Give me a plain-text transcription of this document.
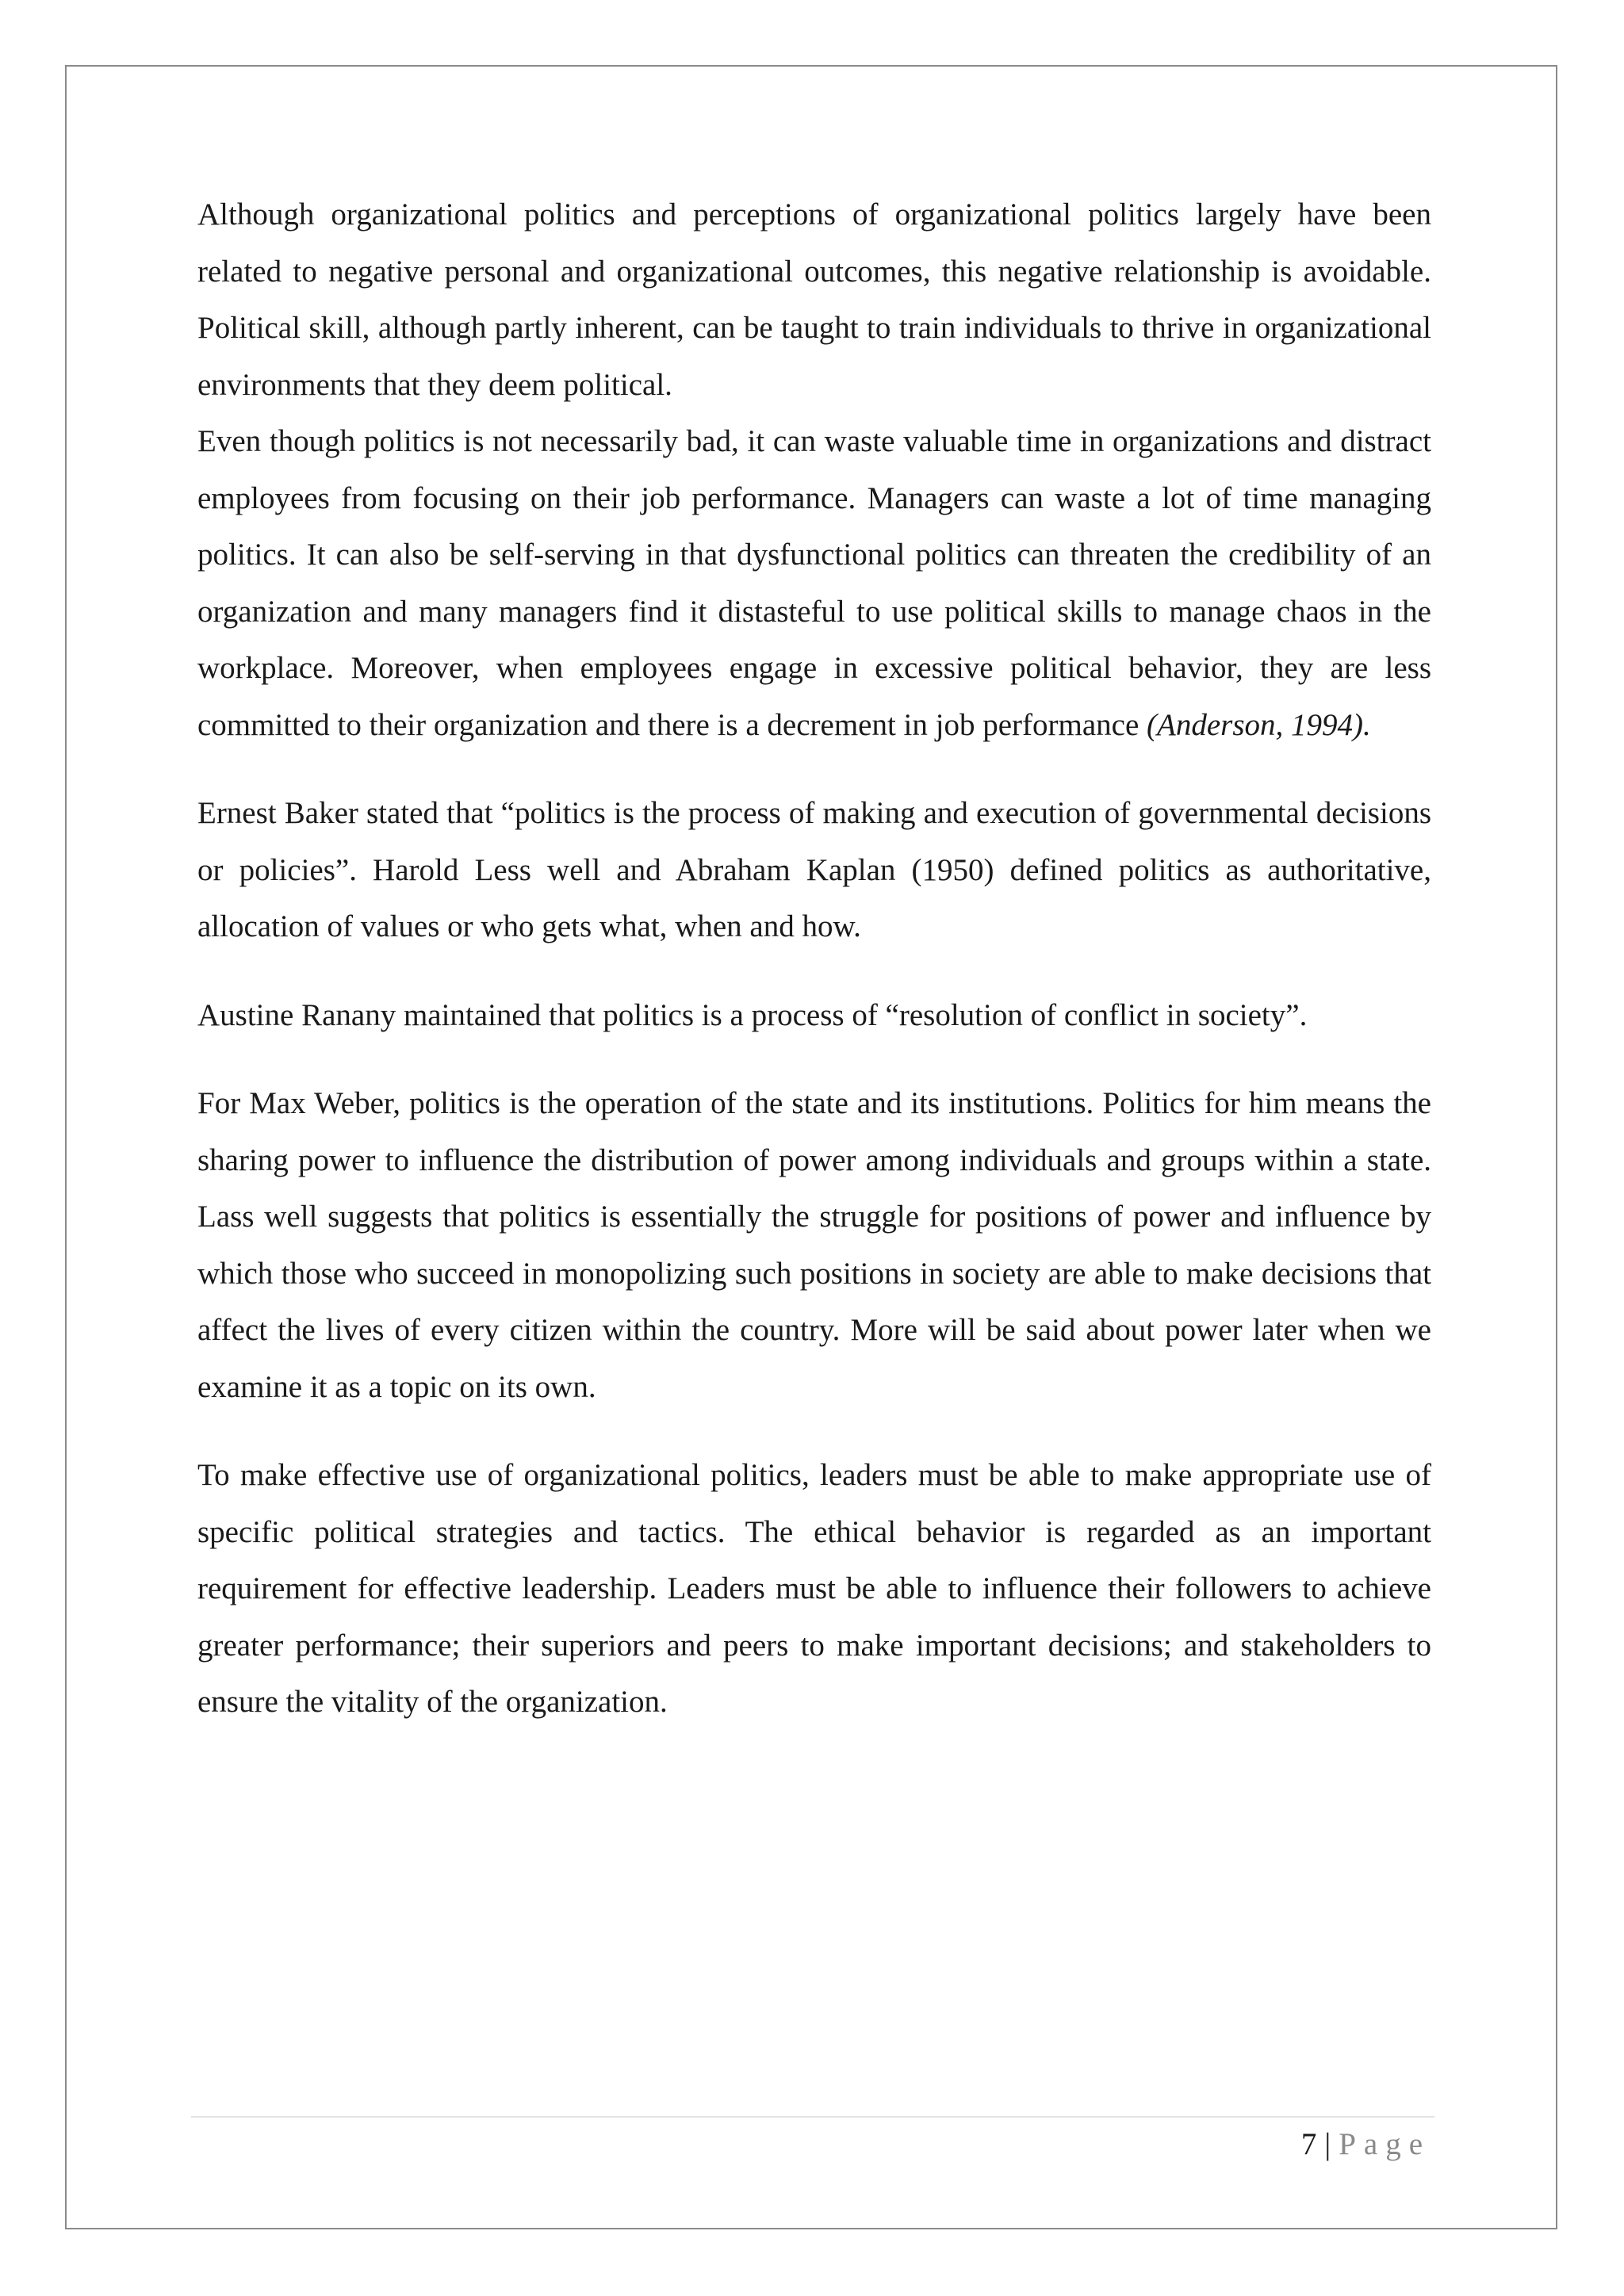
Although organizational politics and perceptions of organizational politics largely have been related to negative personal and organizational outcomes, this negative relationship is avoidable. Political skill, although partly inherent, can be taught to train individuals to thrive in organizational environments that they deem political.

Even though politics is not necessarily bad, it can waste valuable time in organizations and distract employees from focusing on their job performance. Managers can waste a lot of time managing politics. It can also be self-serving in that dysfunctional politics can threaten the credibility of an organization and many managers find it distasteful to use political skills to manage chaos in the workplace. Moreover, when employees engage in excessive political behavior, they are less committed to their organization and there is a decrement in job performance (Anderson, 1994).

Ernest Baker stated that “politics is the process of making and execution of governmental decisions or policies”. Harold Less well and Abraham Kaplan (1950) defined politics as authoritative, allocation of values or who gets what, when and how.

Austine Ranany maintained that politics is a process of “resolution of conflict in society”.

For Max Weber, politics is the operation of the state and its institutions. Politics for him means the sharing power to influence the distribution of power among individuals and groups within a state. Lass well suggests that politics is essentially the struggle for positions of power and influence by which those who succeed in monopolizing such positions in society are able to make decisions that affect the lives of every citizen within the country. More will be said about power later when we examine it as a topic on its own.

To make effective use of organizational politics, leaders must be able to make appropriate use of specific political strategies and tactics. The ethical behavior is regarded as an important requirement for effective leadership. Leaders must be able to influence their followers to achieve greater performance; their superiors and peers to make important decisions; and stakeholders to ensure the vitality of the organization.

7 | Page
